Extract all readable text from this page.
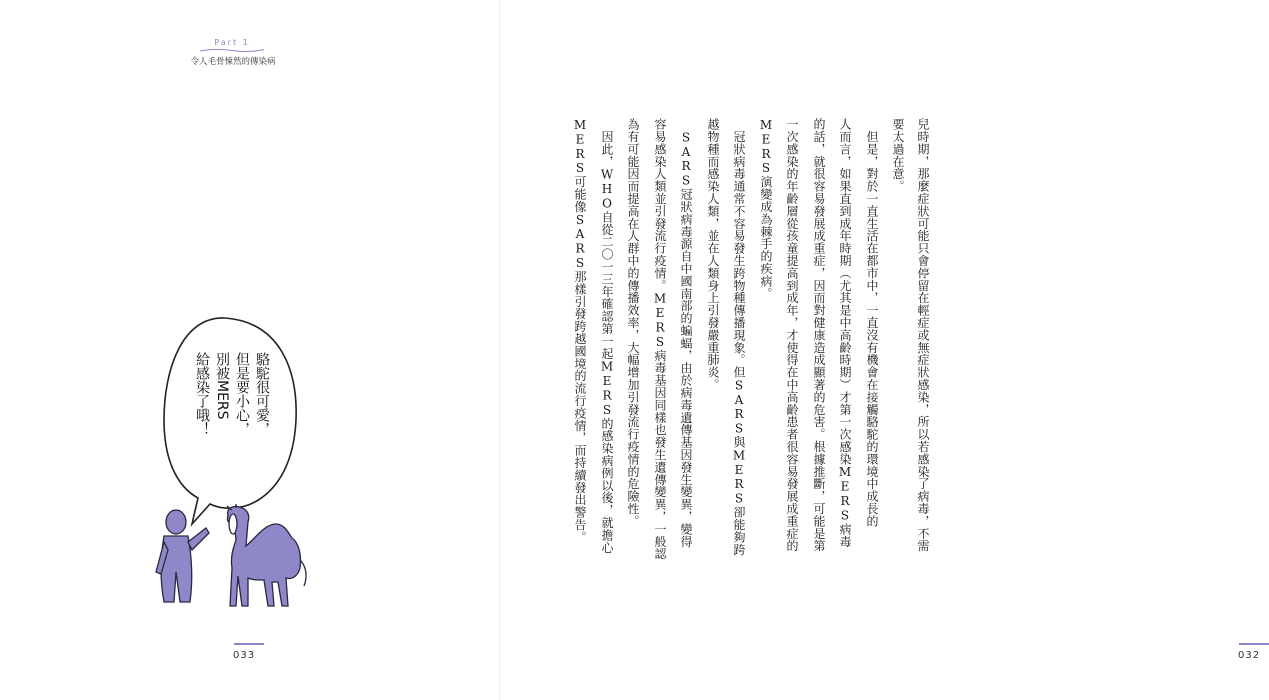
Part 1
令人毛骨悚然的傳染病
駱駝很可愛，
但是要小心，
別被MERS
給感染了哦！
033	032
兒時期，那麼症狀可能只會停留在輕症或無症狀感染，所以若感染了病毒，不需
要太過在意。
　但是，對於一直生活在都市中，一直沒有機會在接觸駱駝的環境中成長的
人而言，如果直到成年時期（尤其是中高齡時期）才第一次感染MERS病毒
的話，就很容易發展成重症，因而對健康造成顯著的危害。根據推斷，可能是第
一次感染的年齡層從孩童提高到成年，才使得在中高齡患者很容易發展成重症的
MERS演變成為棘手的疾病。
　冠狀病毒通常不容易發生跨物種傳播現象。但SARS與MERS卻能夠跨
越物種而感染人類，並在人類身上引發嚴重肺炎。
　SARS冠狀病毒源自中國南部的蝙蝠，由於病毒遺傳基因發生變異，變得
容易感染人類並引發流行疫情。MERS病毒基因同樣也發生遺傳變異，一般認
為有可能因而提高在人群中的傳播效率，大幅增加引發流行疫情的危險性。
　因此，WHO自從二〇一三年確認第一起MERS的感染病例以後，就擔心
MERS可能像SARS那樣引發跨越國境的流行疫情，而持續發出警告。
